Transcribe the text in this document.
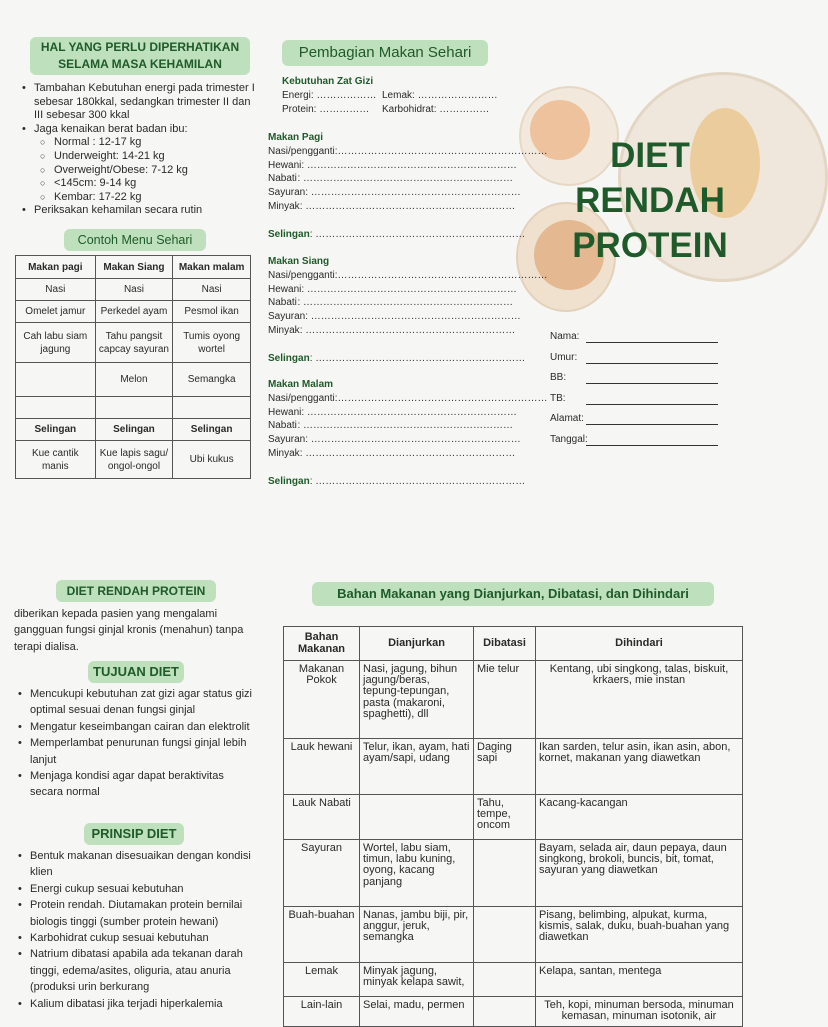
HAL YANG PERLU DIPERHATIKAN
SELAMA MASA KEHAMILAN
• Tambahan Kebutuhan energi pada trimester I sebesar 180kkal, sedangkan trimester II dan III sebesar 300 kkal
• Jaga kenaikan berat badan ibu:
○ Normal : 12-17 kg
○ Underweight: 14-21 kg
○ Overweight/Obese: 7-12 kg
○ <145cm: 9-14 kg
○ Kembar: 17-22 kg
• Periksakan kehamilan secara rutin
Contoh Menu Sehari
Makan pagi	Makan Siang	Makan malam
Nasi	Nasi	Nasi
Omelet jamur	Perkedel ayam	Pesmol ikan
Cah labu siam jagung	Tahu pangsit capcay sayuran	Tumis oyong wortel
	Melon	Semangka

Selingan	Selingan	Selingan
Kue cantik manis	Kue lapis sagu/ ongol-ongol	Ubi kukus
Pembagian Makan Sehari
Kebutuhan Zat Gizi
Energi: ……………… Lemak: ……………………
Protein: ……………	Karbohidrat: ……………
Makan Pagi
Nasi/pengganti: ………………………………………………………
Hewani : ………………………………………………………
Nabati : ………………………………………………………
Sayuran : ………………………………………………………
Minyak : ………………………………………………………
Selingan : ………………………………………………………
Makan Siang
Nasi/pengganti: ………………………………………………………
Hewani : ………………………………………………………
Nabati : ………………………………………………………
Sayuran : ………………………………………………………
Minyak : ………………………………………………………
Selingan : ………………………………………………………
Makan Malam
Nasi/pengganti: ………………………………………………………
Hewani : ………………………………………………………
Nabati : ………………………………………………………
Sayuran : ………………………………………………………
Minyak : ………………………………………………………
Selingan : ………………………………………………………
DIET
RENDAH
PROTEIN
Nama:
Umur:
BB:
TB:
Alamat:
Tanggal:
DIET RENDAH PROTEIN
diberikan kepada pasien yang mengalami gangguan fungsi ginjal kronis (menahun) tanpa terapi dialisa.
TUJUAN DIET
• Mencukupi kebutuhan zat gizi agar status gizi optimal sesuai denan fungsi ginjal
• Mengatur keseimbangan cairan dan elektrolit
• Memperlambat penurunan fungsi ginjal lebih lanjut
• Menjaga kondisi agar dapat beraktivitas secara normal
PRINSIP DIET
• Bentuk makanan disesuaikan dengan kondisi klien
• Energi cukup sesuai kebutuhan
• Protein rendah. Diutamakan protein bernilai biologis tinggi (sumber protein hewani)
• Karbohidrat cukup sesuai kebutuhan
• Natrium dibatasi apabila ada tekanan darah tinggi, edema/asites, oliguria, atau anuria (produksi urin berkurang
• Kalium dibatasi jika terjadi hiperkalemia
Bahan Makanan yang Dianjurkan, Dibatasi, dan Dihindari
Bahan Makanan	Dianjurkan	Dibatasi	Dihindari
Makanan Pokok	Nasi, jagung, bihun jagung/beras, tepung-tepungan, pasta (makaroni, spaghetti), dll	Mie telur	Kentang, ubi singkong, talas, biskuit, krkaers, mie instan
Lauk hewani	Telur, ikan, ayam, hati ayam/sapi, udang	Daging sapi	Ikan sarden, telur asin, ikan asin, abon, kornet, makanan yang diawetkan
Lauk Nabati		Tahu, tempe, oncom	Kacang-kacangan
Sayuran	Wortel, labu siam, timun, labu kuning, oyong, kacang panjang		Bayam, selada air, daun pepaya, daun singkong, brokoli, buncis, bit, tomat, sayuran yang diawetkan
Buah-buahan	Nanas, jambu biji, pir, anggur, jeruk, semangka		Pisang, belimbing, alpukat, kurma, kismis, salak, duku, buah-buahan yang diawetkan
Lemak	Minyak jagung, minyak kelapa sawit,		Kelapa, santan, mentega
Lain-lain	Selai, madu, permen		Teh, kopi, minuman bersoda, minuman kemasan, minuman isotonik, air
